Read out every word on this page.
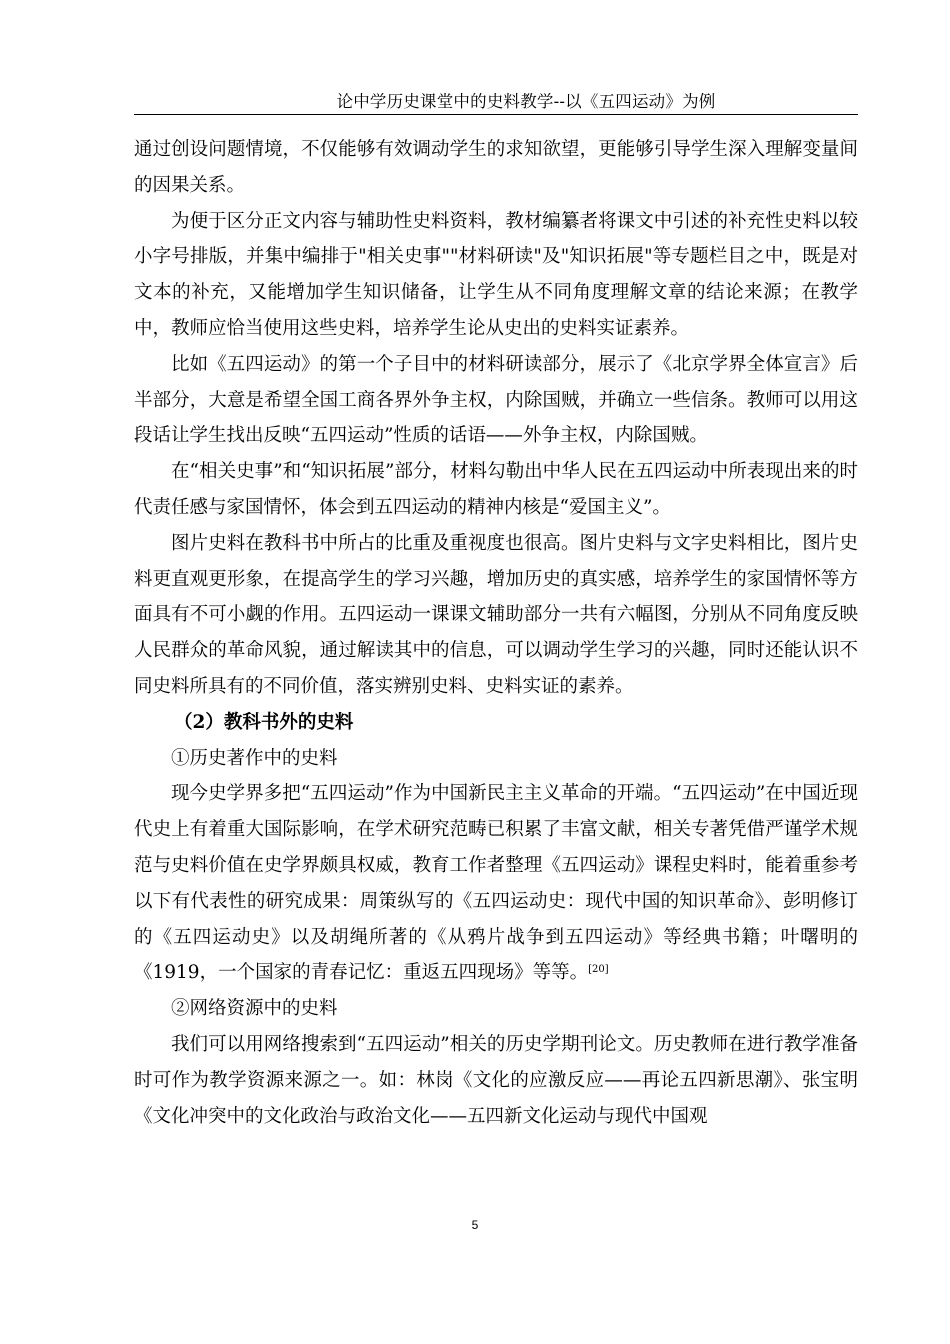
论中学历史课堂中的史料教学--以《五四运动》为例

通过创设问题情境，不仅能够有效调动学生的求知欲望，更能够引导学生深入理解变量间的因果关系。

为便于区分正文内容与辅助性史料资料，教材编纂者将课文中引述的补充性史料以较小字号排版，并集中编排于"相关史事""材料研读"及"知识拓展"等专题栏目之中，既是对文本的补充，又能增加学生知识储备，让学生从不同角度理解文章的结论来源；在教学中，教师应恰当使用这些史料，培养学生论从史出的史料实证素养。

比如《五四运动》的第一个子目中的材料研读部分，展示了《北京学界全体宣言》后半部分，大意是希望全国工商各界外争主权，内除国贼，并确立一些信条。教师可以用这段话让学生找出反映“五四运动”性质的话语——外争主权，内除国贼。

在“相关史事”和“知识拓展”部分，材料勾勒出中华人民在五四运动中所表现出来的时代责任感与家国情怀，体会到五四运动的精神内核是“爱国主义”。

图片史料在教科书中所占的比重及重视度也很高。图片史料与文字史料相比，图片史料更直观更形象，在提高学生的学习兴趣，增加历史的真实感，培养学生的家国情怀等方面具有不可小觑的作用。五四运动一课课文辅助部分一共有六幅图，分别从不同角度反映人民群众的革命风貌，通过解读其中的信息，可以调动学生学习的兴趣，同时还能认识不同史料所具有的不同价值，落实辨别史料、史料实证的素养。

（2）教科书外的史料

①历史著作中的史料

现今史学界多把“五四运动”作为中国新民主主义革命的开端。“五四运动”在中国近现代史上有着重大国际影响，在学术研究范畴已积累了丰富文献，相关专著凭借严谨学术规范与史料价值在史学界颇具权威，教育工作者整理《五四运动》课程史料时，能着重参考以下有代表性的研究成果：周策纵写的《五四运动史：现代中国的知识革命》、彭明修订的《五四运动史》以及胡绳所著的《从鸦片战争到五四运动》等经典书籍；叶曙明的《1919，一个国家的青春记忆：重返五四现场》等等。[20]

②网络资源中的史料

我们可以用网络搜索到“五四运动”相关的历史学期刊论文。历史教师在进行教学准备时可作为教学资源来源之一。如：林岗《文化的应激反应——再论五四新思潮》、张宝明《文化冲突中的文化政治与政治文化——五四新文化运动与现代中国观

5
